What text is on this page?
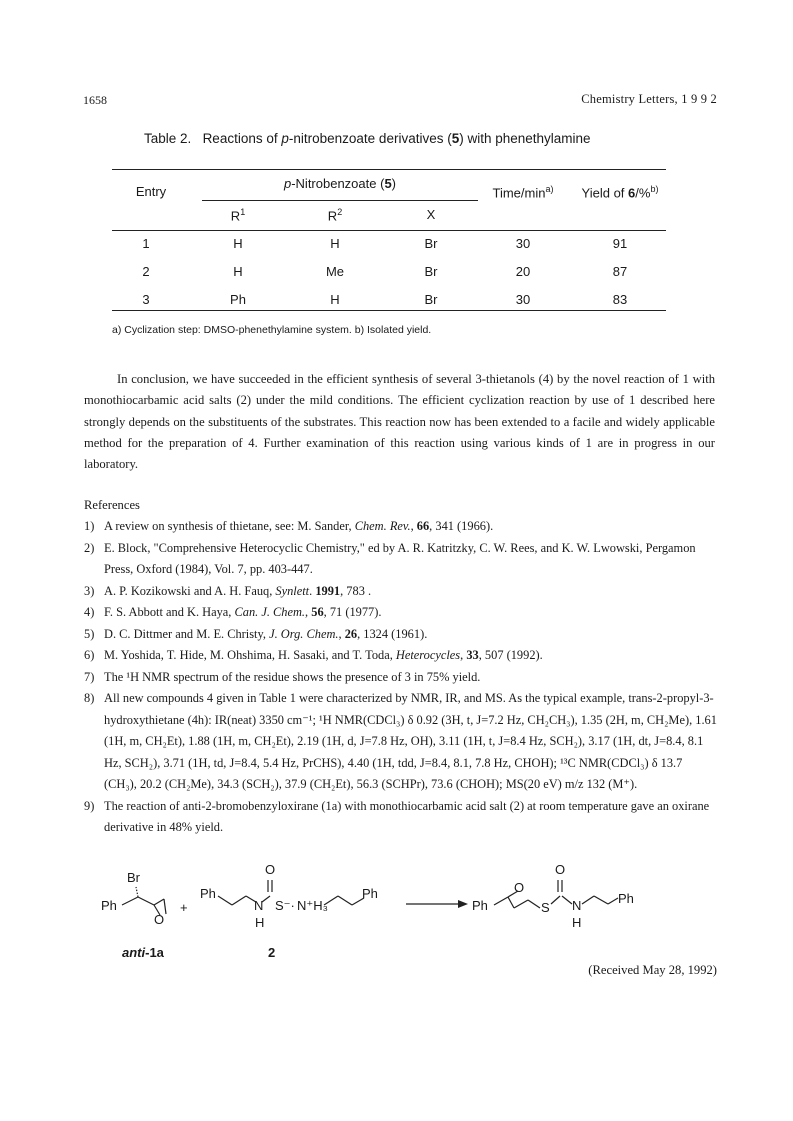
1658	Chemistry Letters, 1 9 9 2
Table 2. Reactions of p-nitrobenzoate derivatives (5) with phenethylamine
Entry
p-Nitrobenzoate (5)
$R^1$	$R^2$	X
Time/$\min^{a)}$	Yield of 6/%$^{b)}$
1	H	H	Br	30	91
2	H	Me	Br	20	87
3	Ph	H	Br	30	83
a) Cyclization step: DMSO-phenethylamine system. b) Isolated yield.

In conclusion, we have succeeded in the efficient synthesis of several 3-thietanols (4) by the novel reaction of 1 with monothiocarbamic acid salts (2) under the mild conditions. The efficient cyclization reaction by use of 1 described here strongly depends on the substituents of the substrates. This reaction now has been extended to a facile and widely applicable method for the preparation of 4. Further examination of this reaction using various kinds of 1 are in progress in our laboratory.

References
1) A review on synthesis of thietane, see: M. Sander, Chem. Rev., 66, 341 (1966).
2) E. Block, "Comprehensive Heterocyclic Chemistry," ed by A. R. Katritzky, C. W. Rees, and K. W. Lwowski, Pergamon Press, Oxford (1984), Vol. 7, pp. 403-447.
3) A. P. Kozikowski and A. H. Fauq, Synlett. 1991, 783 .
4) F. S. Abbott and K. Haya, Can. J. Chem., 56, 71 (1977).
5) D. C. Dittmer and M. E. Christy, J. Org. Chem., 26, 1324 (1961).
6) M. Yoshida, T. Hide, M. Ohshima, H. Sasaki, and T. Toda, Heterocycles, 33, 507 (1992).
7) The ¹H NMR spectrum of the residue shows the presence of 3 in 75% yield.
8) All new compounds 4 given in Table 1 were characterized by NMR, IR, and MS. As the typical example, trans-2-propyl-3-hydroxythietane (4h): IR(neat) 3350 cm⁻¹; ¹H NMR(CDCl₃) δ 0.92 (3H, t, J=7.2 Hz, CH₂CH₃), 1.35 (2H, m, CH₂Me), 1.61 (1H, m, CH₂Et), 1.88 (1H, m, CH₂Et), 2.19 (1H, d, J=7.8 Hz, OH), 3.11 (1H, t, J=8.4 Hz, SCH₂), 3.17 (1H, dt, J=8.4, 8.1 Hz, SCH₂), 3.71 (1H, td, J=8.4, 5.4 Hz, PrCHS), 4.40 (1H, tdd, J=8.4, 8.1, 7.8 Hz, CHOH); ¹³C NMR(CDCl₃) δ 13.7 (CH₃), 20.2 (CH₂Me), 34.3 (SCH₂), 37.9 (CH₂Et), 56.3 (SCHPr), 73.6 (CHOH); MS(20 eV) m/z 132 (M⁺).
9) The reaction of anti-2-bromobenzyloxirane (1a) with monothiocarbamic acid salt (2) at room temperature gave an oxirane derivative in 48% yield.
Br
Ph
O
+
Ph
N
H
O
S⁻· N⁺H₃
Ph
Ph
O
S
O
N
H
Ph
anti-1a	2
(Received May 28, 1992)
